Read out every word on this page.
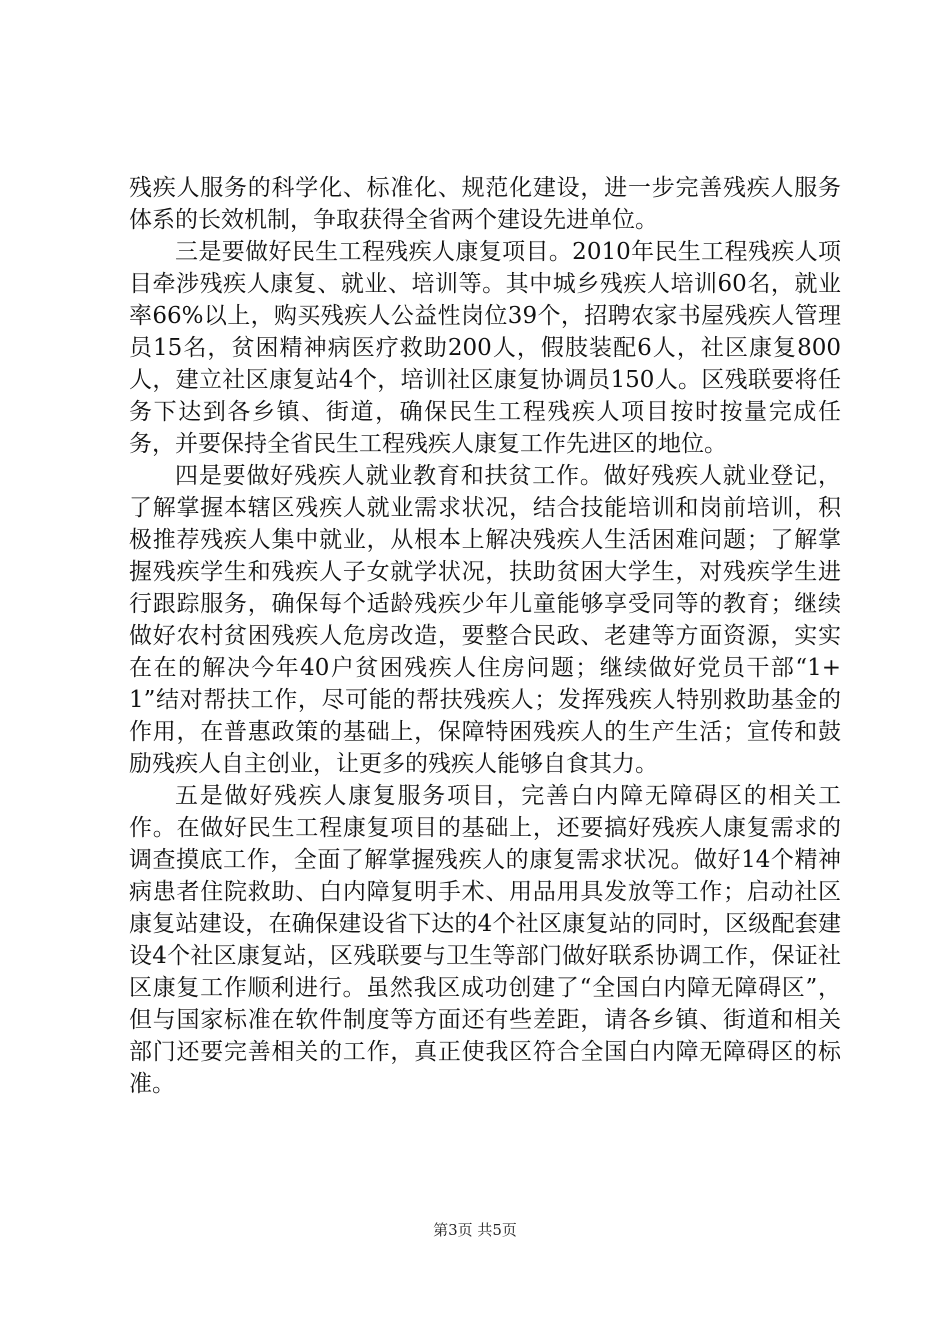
残疾人服务的科学化、标准化、规范化建设，进一步完善残疾人服务体系的长效机制，争取获得全省两个建设先进单位。

三是要做好民生工程残疾人康复项目。2010年民生工程残疾人项目牵涉残疾人康复、就业、培训等。其中城乡残疾人培训60名，就业率66%以上，购买残疾人公益性岗位39个，招聘农家书屋残疾人管理员15名，贫困精神病医疗救助200人，假肢装配6人，社区康复800人，建立社区康复站4个，培训社区康复协调员150人。区残联要将任务下达到各乡镇、街道，确保民生工程残疾人项目按时按量完成任务，并要保持全省民生工程残疾人康复工作先进区的地位。

四是要做好残疾人就业教育和扶贫工作。做好残疾人就业登记，了解掌握本辖区残疾人就业需求状况，结合技能培训和岗前培训，积极推荐残疾人集中就业，从根本上解决残疾人生活困难问题；了解掌握残疾学生和残疾人子女就学状况，扶助贫困大学生，对残疾学生进行跟踪服务，确保每个适龄残疾少年儿童能够享受同等的教育；继续做好农村贫困残疾人危房改造，要整合民政、老建等方面资源，实实在在的解决今年40户贫困残疾人住房问题；继续做好党员干部“1+1”结对帮扶工作，尽可能的帮扶残疾人；发挥残疾人特别救助基金的作用，在普惠政策的基础上，保障特困残疾人的生产生活；宣传和鼓励残疾人自主创业，让更多的残疾人能够自食其力。

五是做好残疾人康复服务项目，完善白内障无障碍区的相关工作。在做好民生工程康复项目的基础上，还要搞好残疾人康复需求的调查摸底工作，全面了解掌握残疾人的康复需求状况。做好14个精神病患者住院救助、白内障复明手术、用品用具发放等工作；启动社区康复站建设，在确保建设省下达的4个社区康复站的同时，区级配套建设4个社区康复站，区残联要与卫生等部门做好联系协调工作，保证社区康复工作顺利进行。虽然我区成功创建了“全国白内障无障碍区”，但与国家标准在软件制度等方面还有些差距，请各乡镇、街道和相关部门还要完善相关的工作，真正使我区符合全国白内障无障碍区的标准。

第3页 共5页
